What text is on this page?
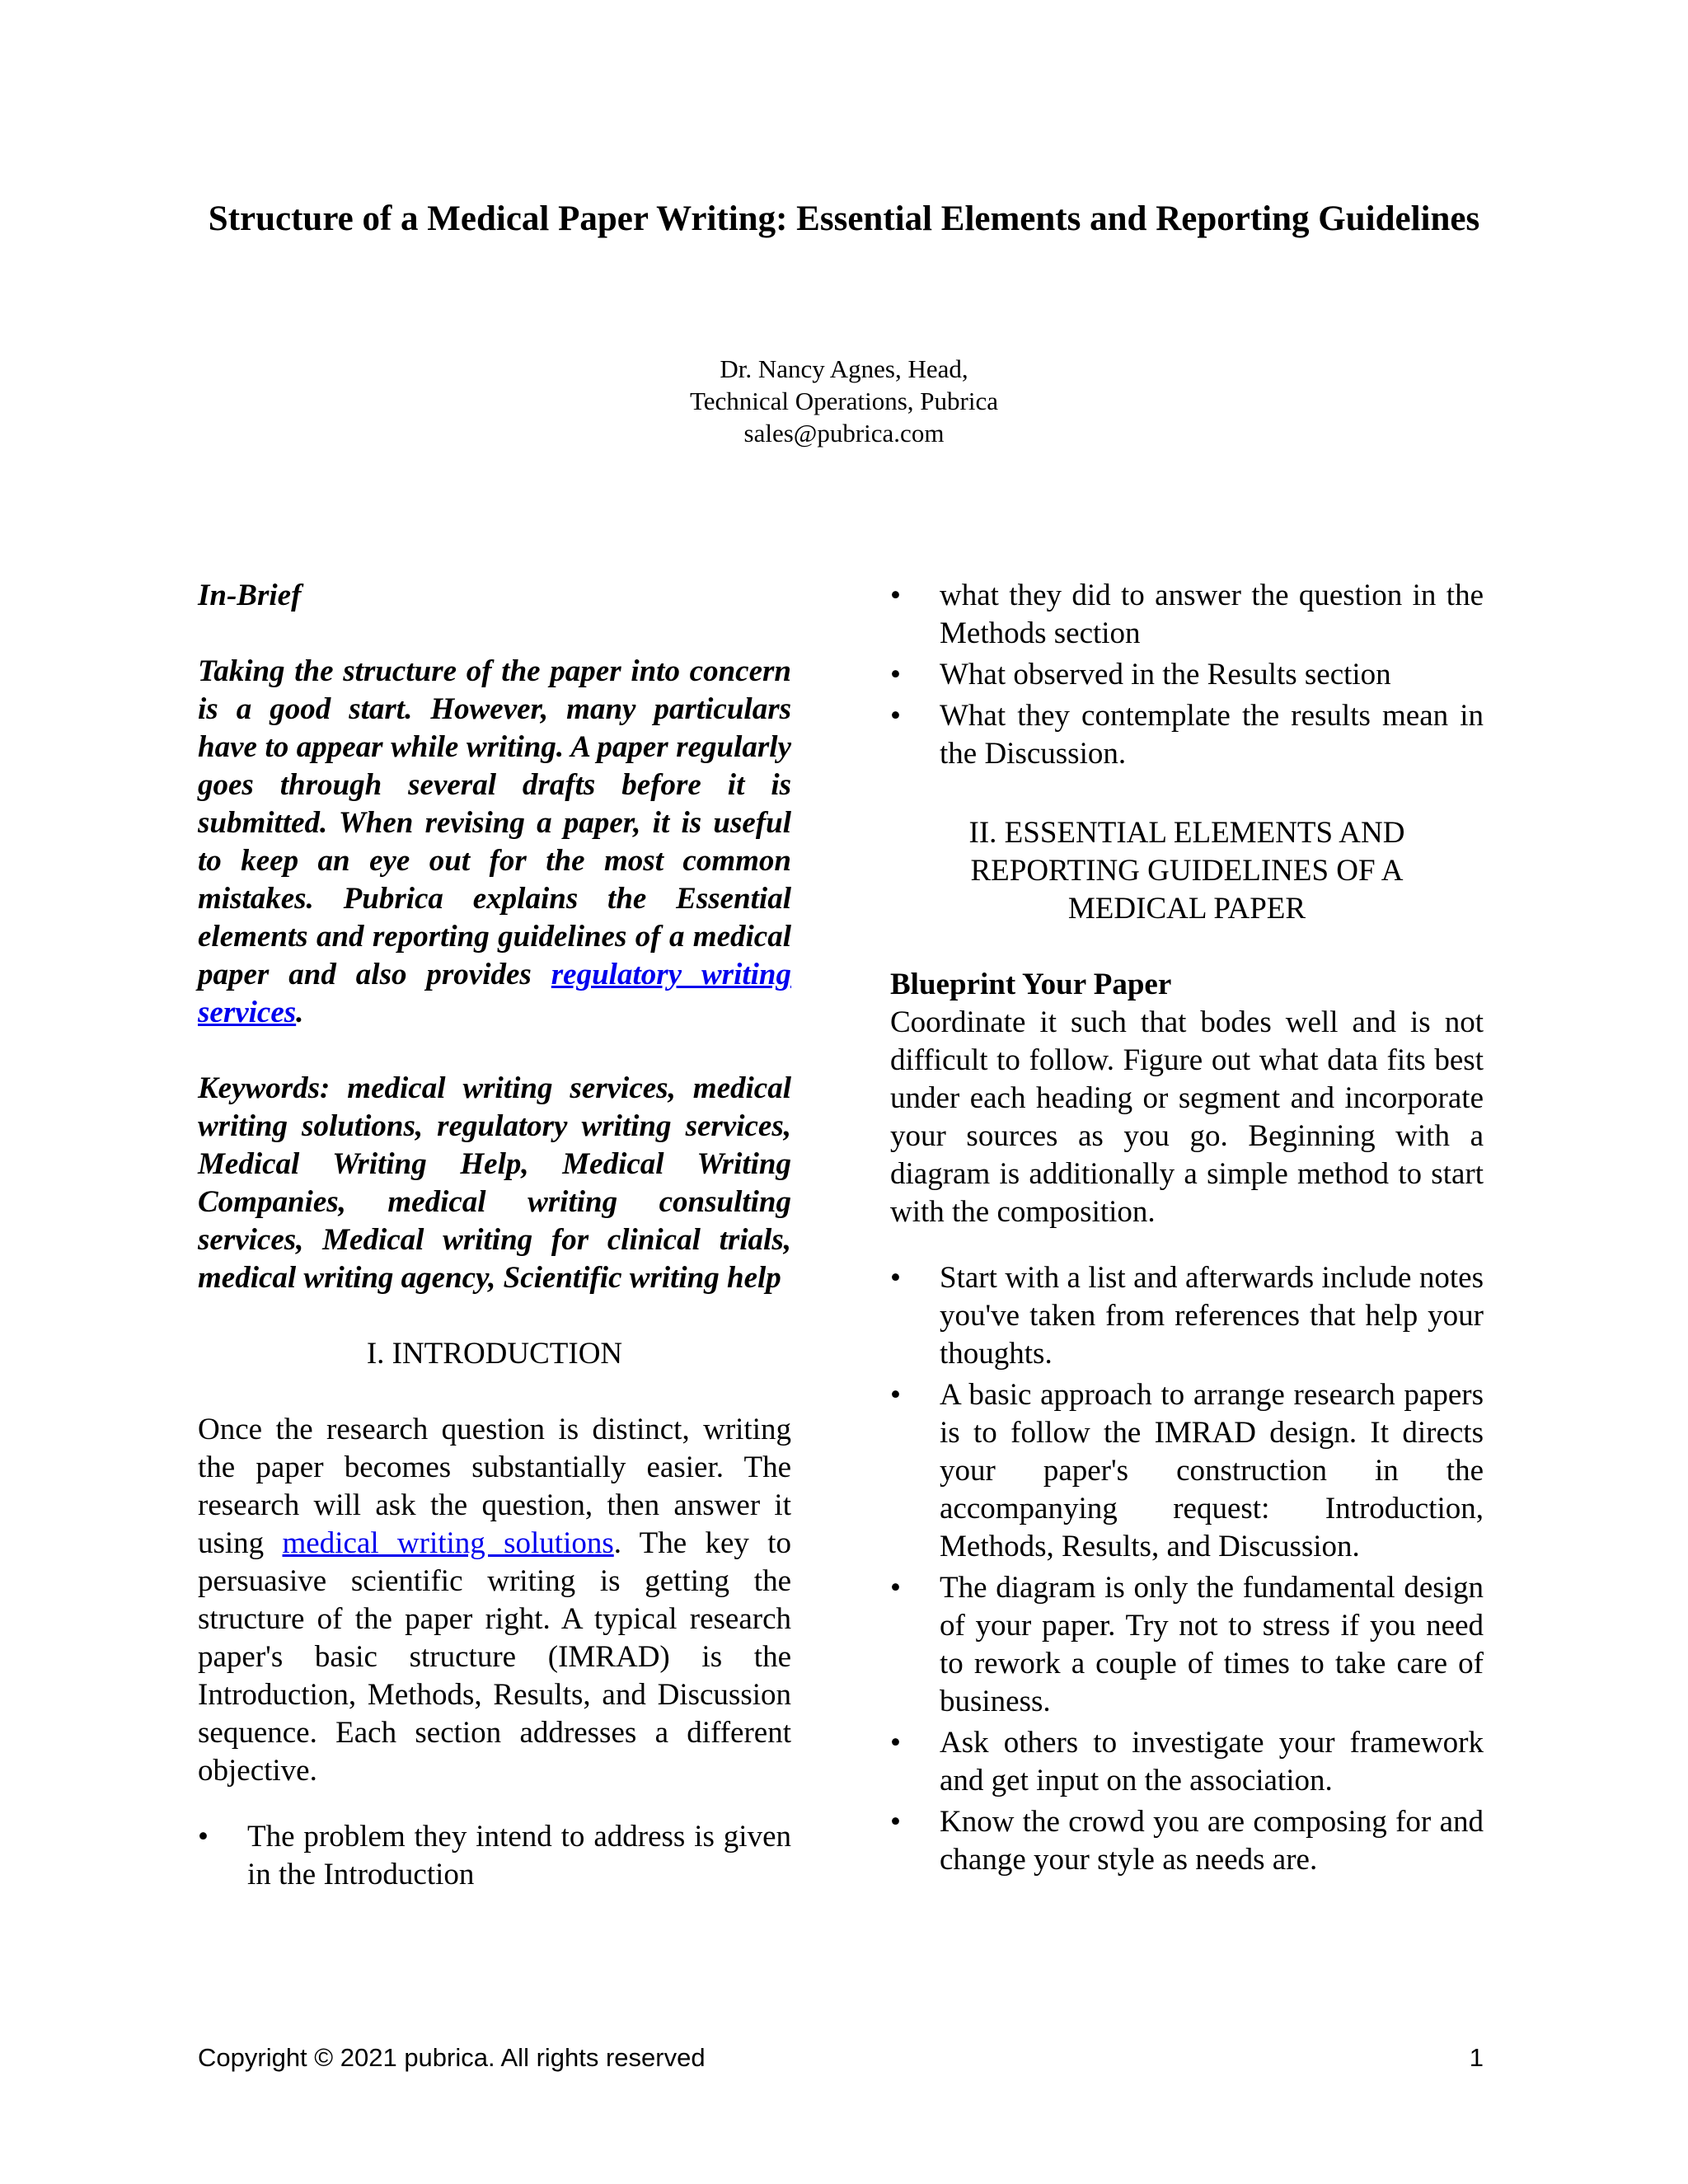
Structure of a Medical Paper Writing: Essential Elements and Reporting Guidelines
Dr. Nancy Agnes, Head,
Technical Operations, Pubrica
sales@pubrica.com

In-Brief

Taking the structure of the paper into concern is a good start. However, many particulars have to appear while writing. A paper regularly goes through several drafts before it is submitted. When revising a paper, it is useful to keep an eye out for the most common mistakes. Pubrica explains the Essential elements and reporting guidelines of a medical paper and also provides regulatory writing services.

Keywords: medical writing services, medical writing solutions, regulatory writing services, Medical Writing Help, Medical Writing Companies, medical writing consulting services, Medical writing for clinical trials, medical writing agency, Scientific writing help

I. INTRODUCTION

Once the research question is distinct, writing the paper becomes substantially easier. The research will ask the question, then answer it using medical writing solutions. The key to persuasive scientific writing is getting the structure of the paper right. A typical research paper's basic structure (IMRAD) is the Introduction, Methods, Results, and Discussion sequence. Each section addresses a different objective.

• The problem they intend to address is given in the Introduction
• what they did to answer the question in the Methods section
• What observed in the Results section
• What they contemplate the results mean in the Discussion.

II. ESSENTIAL ELEMENTS AND REPORTING GUIDELINES OF A MEDICAL PAPER

Blueprint Your Paper

Coordinate it such that bodes well and is not difficult to follow. Figure out what data fits best under each heading or segment and incorporate your sources as you go. Beginning with a diagram is additionally a simple method to start with the composition.

• Start with a list and afterwards include notes you've taken from references that help your thoughts.
• A basic approach to arrange research papers is to follow the IMRAD design. It directs your paper's construction in the accompanying request: Introduction, Methods, Results, and Discussion.
• The diagram is only the fundamental design of your paper. Try not to stress if you need to rework a couple of times to take care of business.
• Ask others to investigate your framework and get input on the association.
• Know the crowd you are composing for and change your style as needs are.
Copyright © 2021 pubrica. All rights reserved	1
